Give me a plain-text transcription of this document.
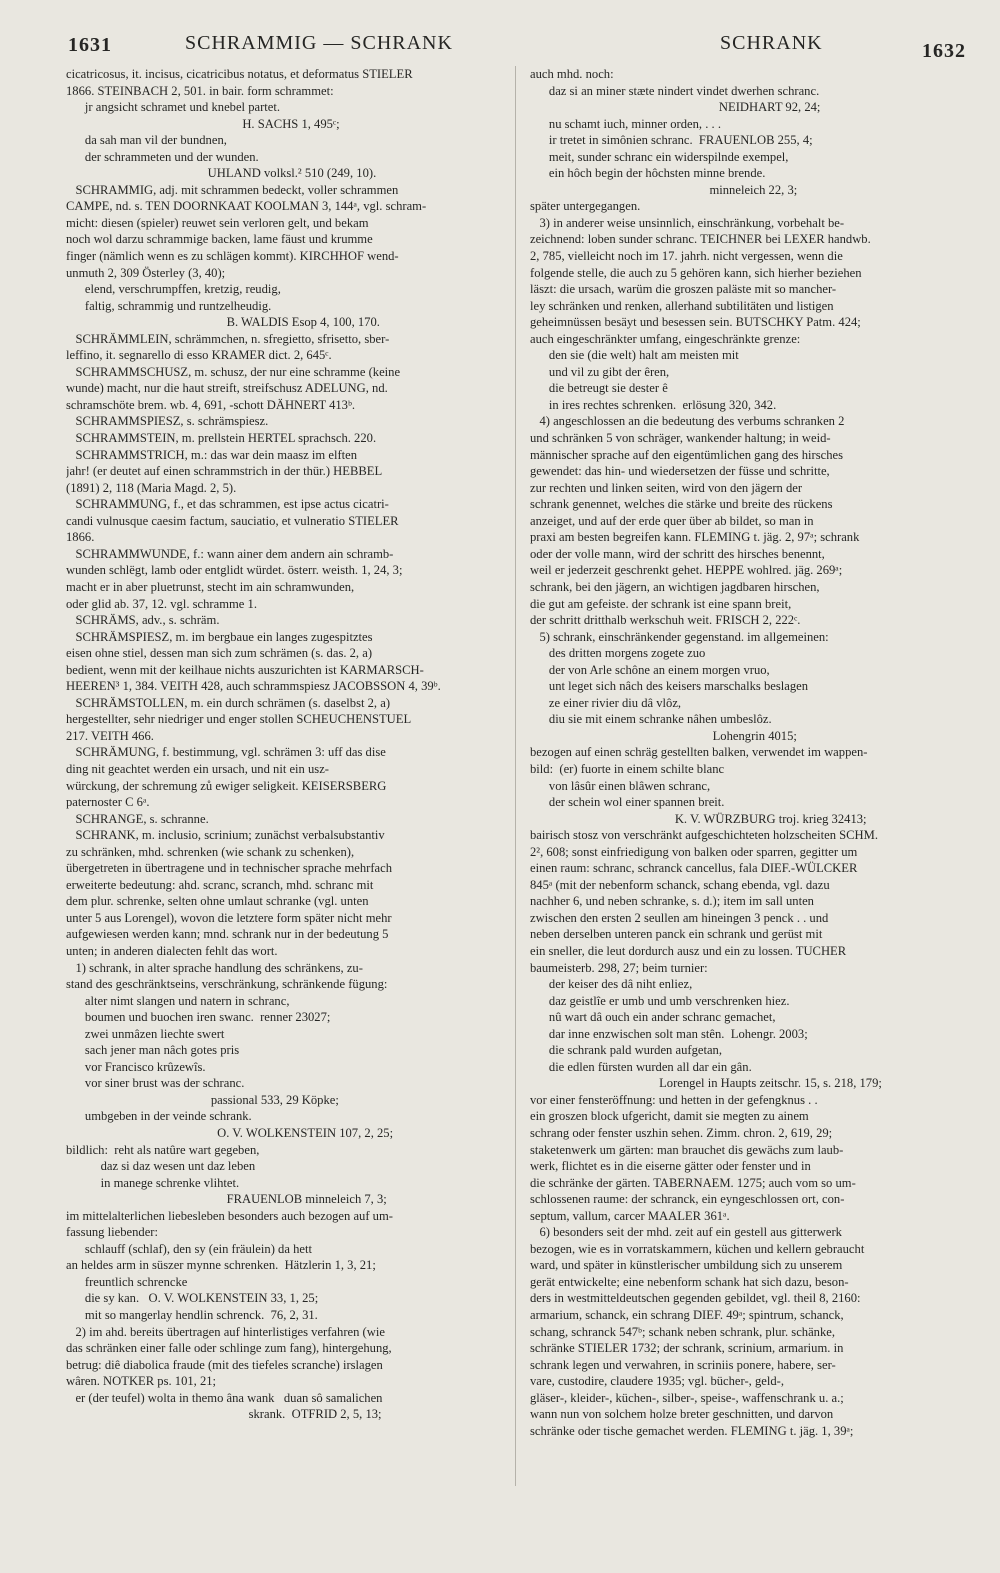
1631	SCHRAMMIG — SCHRANK	SCHRANK	1632
cicatricosus, it. incisus, cicatricibus notatus, et deformatus STIELER
1866. STEINBACH 2, 501. in bair. form schrammet:
jr angsicht schramet und knebel partet.
H. SACHS 1, 495ᶜ;
da sah man vil der bundnen,
der schrammeten und der wunden.
UHLAND volksl.² 510 (249, 10).
SCHRAMMIG, adj. mit schrammen bedeckt, voller schrammen
CAMPE, nd. s. TEN DOORNKAAT KOOLMAN 3, 144ᵃ, vgl. schram-
micht: diesen (spieler) reuwet sein verloren gelt, und bekam
noch wol darzu schrammige backen, lame fäust und krumme
finger (nämlich wenn es zu schlägen kommt). KIRCHHOF wend-
unmuth 2, 309 Österley (3, 40);
elend, verschrumpffen, kretzig, reudig,
faltig, schrammig und runtzelheudig.
B. WALDIS Esop 4, 100, 170.
SCHRÄMMLEIN, schrämmchen, n. sfregietto, sfrisetto, sber-
leffino, it. segnarello di esso KRAMER dict. 2, 645ᶜ.
SCHRAMMSCHUSZ, m. schusz, der nur eine schramme (keine
wunde) macht, nur die haut streift, streifschusz ADELUNG, nd.
schramschöte brem. wb. 4, 691, -schott DÄHNERT 413ᵇ.
SCHRAMMSPIESZ, s. schrämspiesz.
SCHRAMMSTEIN, m. prellstein HERTEL sprachsch. 220.
SCHRAMMSTRICH, m.: das war dein maasz im elften
jahr! (er deutet auf einen schrammstrich in der thür.) HEBBEL
(1891) 2, 118 (Maria Magd. 2, 5).
SCHRAMMUNG, f., et das schrammen, est ipse actus cicatri-
candi vulnusque caesim factum, sauciatio, et vulneratio STIELER
1866.
SCHRAMMWUNDE, f.: wann ainer dem andern ain schramb-
wunden schlëgt, lamb oder entglidt würdet. österr. weisth. 1, 24, 3;
macht er in aber pluetrunst, stecht im ain schramwunden,
oder glid ab. 37, 12. vgl. schramme 1.
SCHRÄMS, adv., s. schräm.
SCHRÄMSPIESZ, m. im bergbaue ein langes zugespitztes
eisen ohne stiel, dessen man sich zum schrämen (s. das. 2, a)
bedient, wenn mit der keilhaue nichts auszurichten ist KARMARSCH-
HEEREN³ 1, 384. VEITH 428, auch schrammspiesz JACOBSSON 4, 39ᵇ.
SCHRÄMSTOLLEN, m. ein durch schrämen (s. daselbst 2, a)
hergestellter, sehr niedriger und enger stollen SCHEUCHENSTUEL
217. VEITH 466.
SCHRÄMUNG, f. bestimmung, vgl. schrämen 3: uff das dise
ding nit geachtet werden ein ursach, und nit ein usz-
würckung, der schremung zů ewiger seligkeit. KEISERSBERG
paternoster C 6ᵃ.
SCHRANGE, s. schranne.
SCHRANK, m. inclusio, scrinium; zunächst verbalsubstantiv
zu schränken, mhd. schrenken (wie schank zu schenken),
übergetreten in übertragene und in technischer sprache mehrfach
erweiterte bedeutung: ahd. scranc, scranch, mhd. schranc mit
dem plur. schrenke, selten ohne umlaut schranke (vgl. unten
unter 5 aus Lorengel), wovon die letztere form später nicht mehr
aufgewiesen werden kann; mnd. schrank nur in der bedeutung 5
unten; in anderen dialecten fehlt das wort.
1) schrank, in alter sprache handlung des schränkens, zu-
stand des geschränktseins, verschränkung, schränkende fügung:
alter nimt slangen und natern in schranc,
boumen und buochen iren swanc.  renner 23027;
zwei unmâzen liechte swert
sach jener man nâch gotes pris
vor Francisco krûzewîs.
vor siner brust was der schranc.
passional 533, 29 Köpke;
umbgeben in der veinde schrank.
O. V. WOLKENSTEIN 107, 2, 25;
bildlich:  reht als natûre wart gegeben,
daz si daz wesen unt daz leben
in manege schrenke vlihtet.
FRAUENLOB minneleich 7, 3;
im mittelalterlichen liebesleben besonders auch bezogen auf um-
fassung liebender:
schlauff (schlaf), den sy (ein fräulein) da hett
an heldes arm in süszer mynne schrenken.  Hätzlerin 1, 3, 21;
freuntlich schrencke
die sy kan.   O. V. WOLKENSTEIN 33, 1, 25;
mit so mangerlay hendlin schrenck.  76, 2, 31.
2) im ahd. bereits übertragen auf hinterlistiges verfahren (wie
das schränken einer falle oder schlinge zum fang), hintergehung,
betrug: diê diabolica fraude (mit des tiefeles scranche) irslagen
wâren. NOTKER ps. 101, 21;
er (der teufel) wolta in themo âna wank   duan sô samalichen
skrank.  OTFRID 2, 5, 13;
auch mhd. noch:
daz si an miner stæte nindert vindet dwerhen schranc.
NEIDHART 92, 24;
nu schamt iuch, minner orden, . . .
ir tretet in simônien schranc.  FRAUENLOB 255, 4;
meit, sunder schranc ein widerspilnde exempel,
ein hôch begin der hôchsten minne brende.
minneleich 22, 3;
später untergegangen.
3) in anderer weise unsinnlich, einschränkung, vorbehalt be-
zeichnend: loben sunder schranc. TEICHNER bei LEXER handwb.
2, 785, vielleicht noch im 17. jahrh. nicht vergessen, wenn die
folgende stelle, die auch zu 5 gehören kann, sich hierher beziehen
läszt: die ursach, warüm die groszen paläste mit so mancher-
ley schränken und renken, allerhand subtilitäten und listigen
geheimnüssen besäyt und besessen sein. BUTSCHKY Patm. 424;
auch eingeschränkter umfang, eingeschränkte grenze:
den sie (die welt) halt am meisten mit
und vil zu gibt der êren,
die betreugt sie dester ê
in ires rechtes schrenken.  erlösung 320, 342.
4) angeschlossen an die bedeutung des verbums schranken 2
und schränken 5 von schräger, wankender haltung; in weid-
männischer sprache auf den eigentümlichen gang des hirsches
gewendet: das hin- und wiedersetzen der füsse und schritte,
zur rechten und linken seiten, wird von den jägern der
schrank genennet, welches die stärke und breite des rückens
anzeiget, und auf der erde quer über ab bildet, so man in
praxi am besten begreifen kann. FLEMING t. jäg. 2, 97ᵃ; schrank
oder der volle mann, wird der schritt des hirsches benennt,
weil er jederzeit geschrenkt gehet. HEPPE wohlred. jäg. 269ᵃ;
schrank, bei den jägern, an wichtigen jagdbaren hirschen,
die gut am gefeiste. der schrank ist eine spann breit,
der schritt dritthalb werkschuh weit. FRISCH 2, 222ᶜ.
5) schrank, einschränkender gegenstand. im allgemeinen:
des dritten morgens zogete zuo
der von Arle schône an einem morgen vruo,
unt leget sich nâch des keisers marschalks beslagen
ze einer rivier diu dâ vlôz,
diu sie mit einem schranke nâhen umbeslôz.
Lohengrin 4015;
bezogen auf einen schräg gestellten balken, verwendet im wappen-
bild:  (er) fuorte in einem schilte blanc
von lâsûr einen blâwen schranc,
der schein wol einer spannen breit.
K. V. WÜRZBURG troj. krieg 32413;
bairisch stosz von verschränkt aufgeschichteten holzscheiten SCHM.
2², 608; sonst einfriedigung von balken oder sparren, gegitter um
einen raum: schranc, schranck cancellus, fala DIEF.-WÜLCKER
845ᵃ (mit der nebenform schanck, schang ebenda, vgl. dazu
nachher 6, und neben schranke, s. d.); item im sall unten
zwischen den ersten 2 seullen am hineingen 3 penck . . und
neben derselben unteren panck ein schrank und gerüst mit
ein sneller, die leut dordurch ausz und ein zu lossen. TUCHER
baumeisterb. 298, 27; beim turnier:
der keiser des dâ niht enliez,
daz geistlîe er umb und umb verschrenken hiez.
nû wart dâ ouch ein ander schranc gemachet,
dar inne enzwischen solt man stên.  Lohengr. 2003;
die schrank pald wurden aufgetan,
die edlen fürsten wurden all dar ein gân.
Lorengel in Haupts zeitschr. 15, s. 218, 179;
vor einer fensteröffnung: und hetten in der gefengknus . .
ein groszen block ufgericht, damit sie megten zu ainem
schrang oder fenster uszhin sehen. Zimm. chron. 2, 619, 29;
staketenwerk um gärten: man brauchet dis gewächs zum laub-
werk, flichtet es in die eiserne gätter oder fenster und in
die schränke der gärten. TABERNAEM. 1275; auch vom so um-
schlossenen raume: der schranck, ein eyngeschlossen ort, con-
septum, vallum, carcer MAALER 361ᵃ.
6) besonders seit der mhd. zeit auf ein gestell aus gitterwerk
bezogen, wie es in vorratskammern, küchen und kellern gebraucht
ward, und später in künstlerischer umbildung sich zu unserem
gerät entwickelte; eine nebenform schank hat sich dazu, beson-
ders in westmitteldeutschen gegenden gebildet, vgl. theil 8, 2160:
armarium, schanck, ein schrang DIEF. 49ᵃ; spintrum, schanck,
schang, schranck 547ᵇ; schank neben schrank, plur. schänke,
schränke STIELER 1732; der schrank, scrinium, armarium. in
schrank legen und verwahren, in scriniis ponere, habere, ser-
vare, custodire, claudere 1935; vgl. bücher-, geld-,
gläser-, kleider-, küchen-, silber-, speise-, waffenschrank u. a.;
wann nun von solchem holze breter geschnitten, und darvon
schränke oder tische gemachet werden. FLEMING t. jäg. 1, 39ᵃ;
